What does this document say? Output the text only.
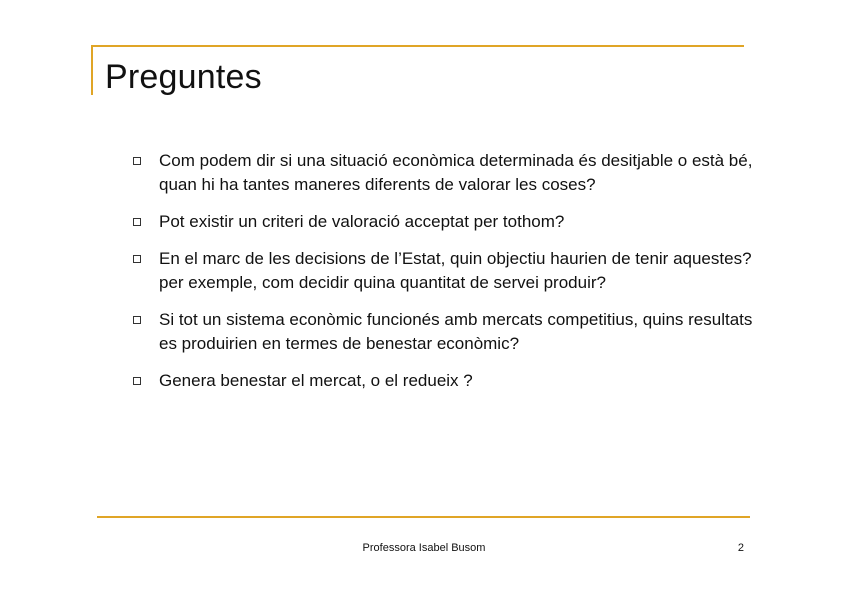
Preguntes
Com podem dir si una situació econòmica determinada és desitjable o està bé, quan hi ha tantes maneres diferents de valorar les coses?
Pot existir un criteri de valoració acceptat per tothom?
En el marc de les decisions de l’Estat, quin objectiu haurien de tenir aquestes? per exemple, com decidir quina quantitat de servei produir?
Si tot un sistema econòmic funcionés amb mercats competitius, quins resultats es produirien en termes de benestar econòmic?
Genera benestar el mercat, o el redueix ?
Professora Isabel Busom	2
